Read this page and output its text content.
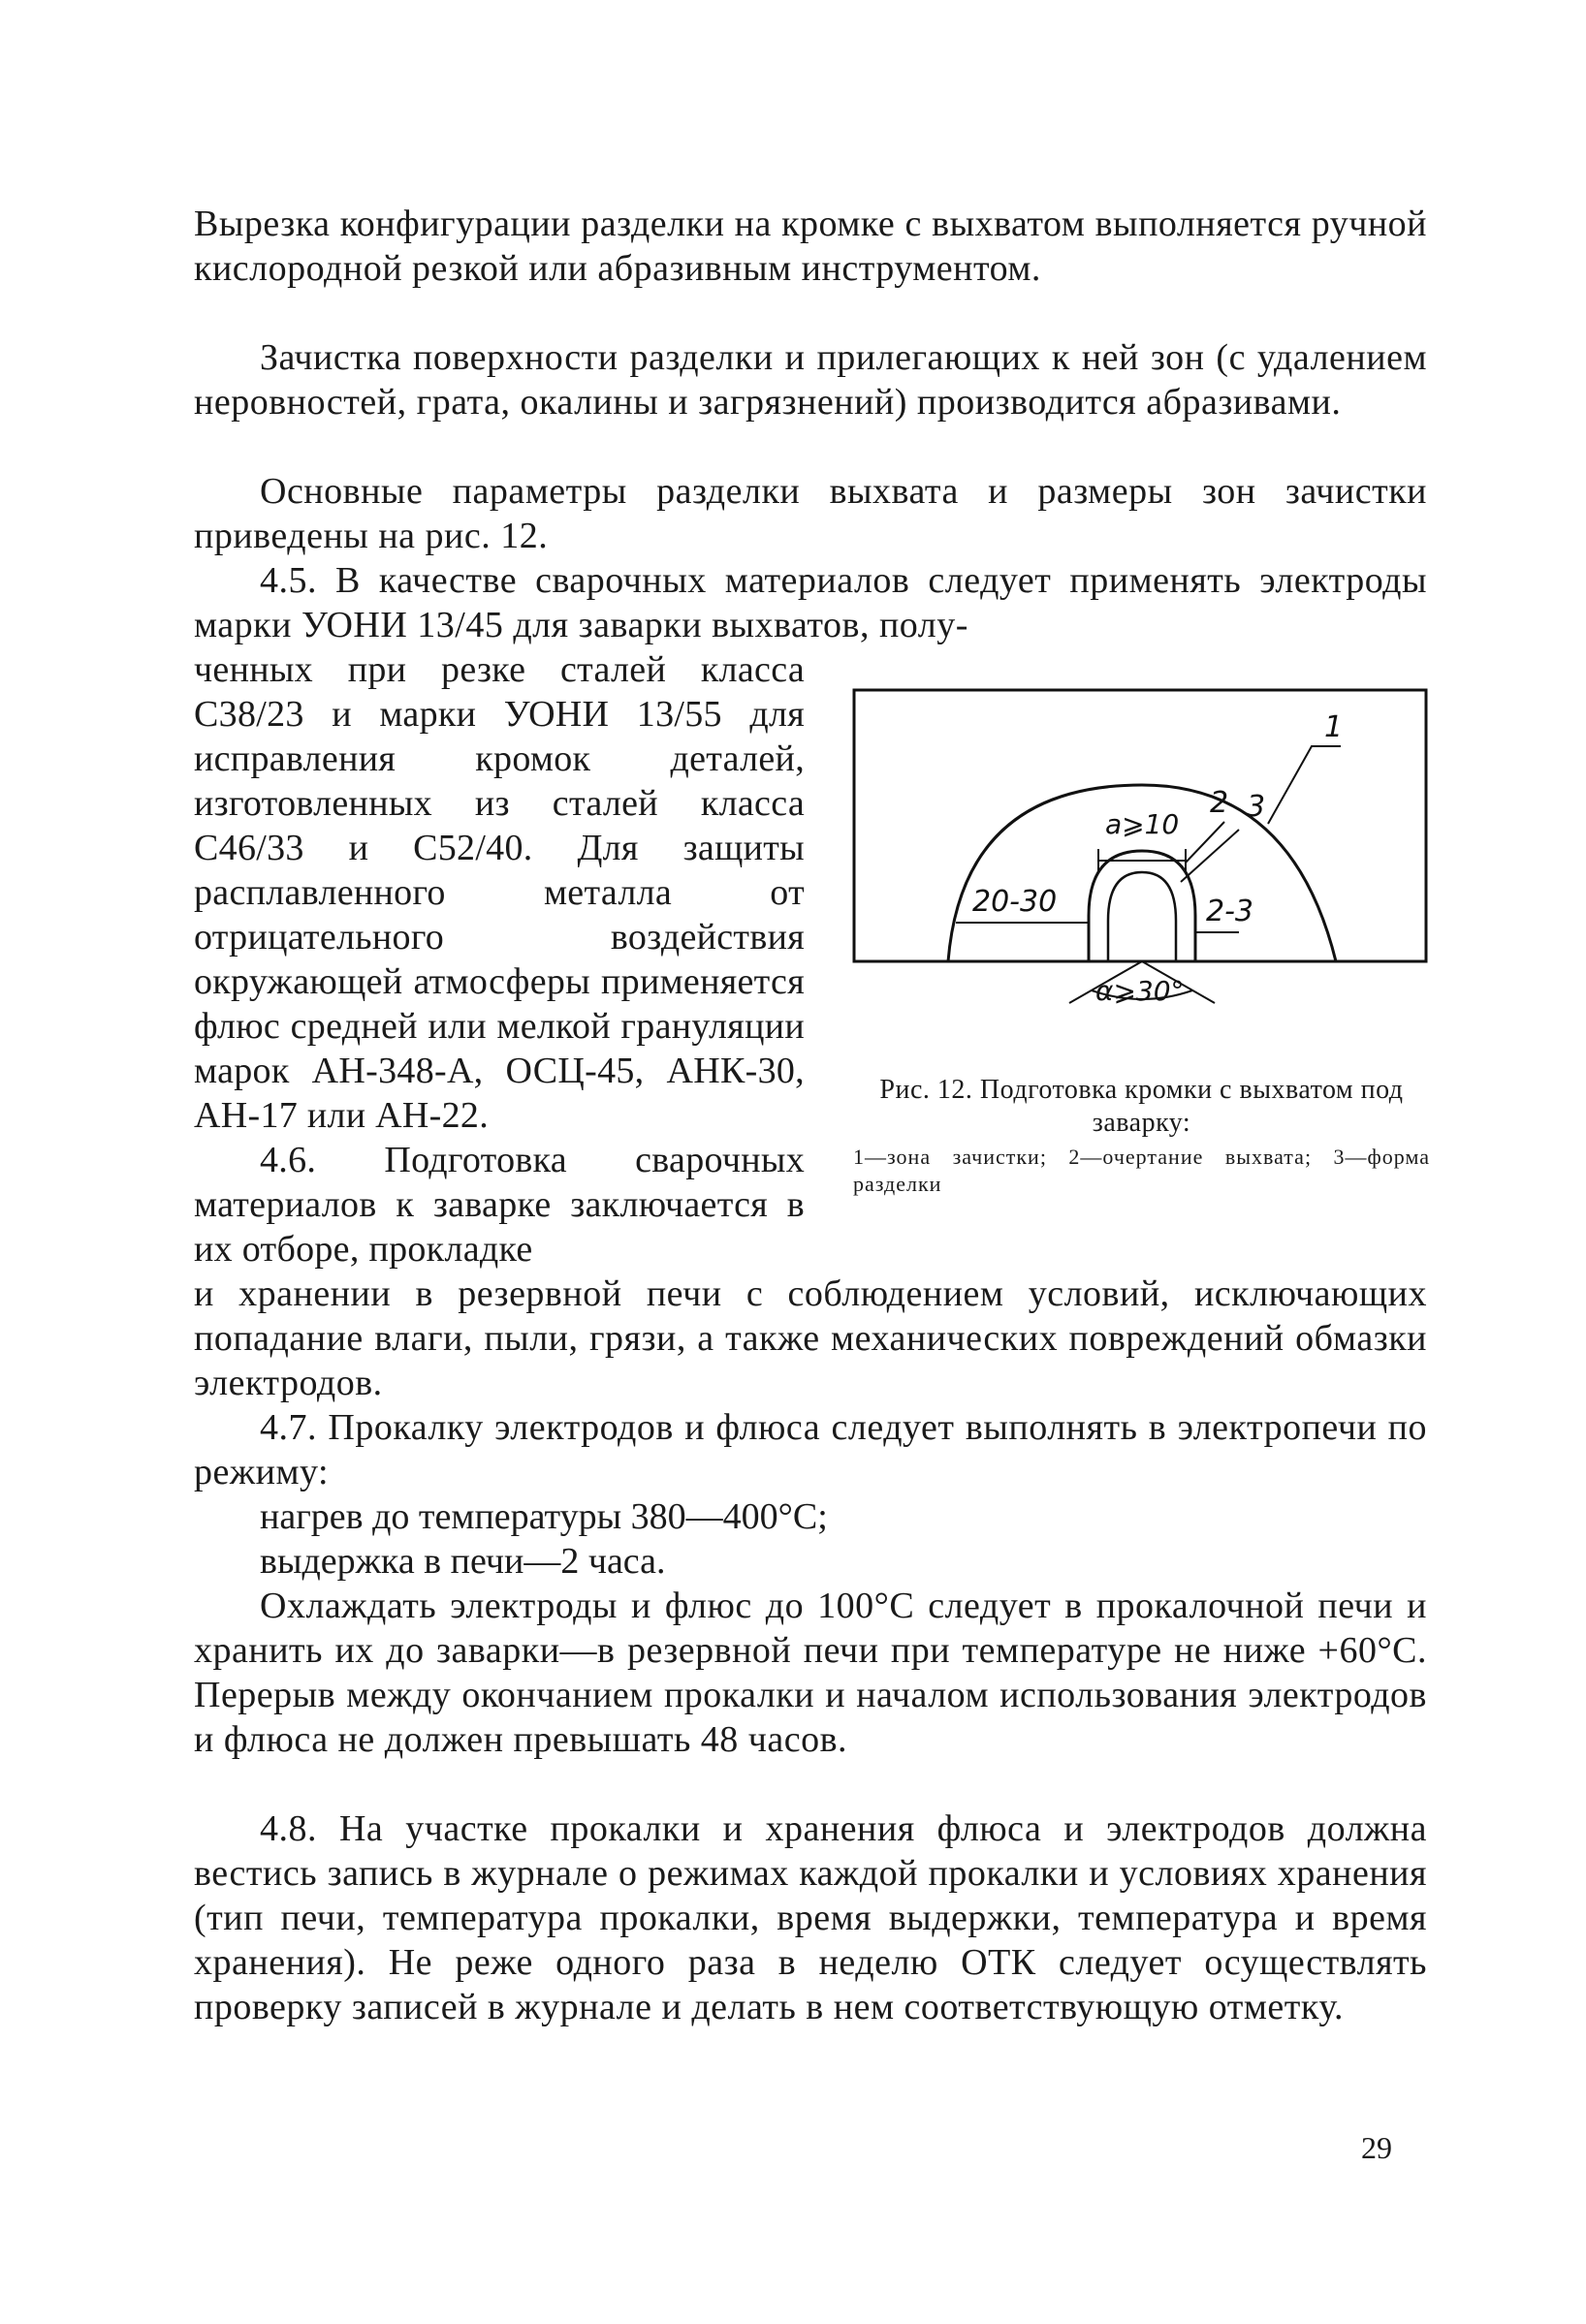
Вырезка конфигурации разделки на кромке с выхватом выполняется ручной кислородной резкой или абразивным инструментом.

Зачистка поверхности разделки и прилегающих к ней зон (с удалением неровностей, грата, окалины и загрязнений) производится абразивами.

Основные параметры разделки выхвата и размеры зон зачистки приведены на рис. 12.

4.5. В качестве сварочных материалов следует применять электроды марки УОНИ 13/45 для заварки выхватов, полу-

ченных при резке сталей класса С38/23 и марки УОНИ 13/55 для исправления кромок деталей, изготовленных из сталей класса С46/33 и С52/40. Для защиты расплавленного металла от отрицательного воздействия окружающей атмосферы применяется флюс средней или мелкой грануляции марок АН-348-А, ОСЦ-45, АНК-30, АН-17 или АН-22.

4.6. Подготовка сварочных материалов к заварке заключается в их отборе, прокладке

и хранении в резервной печи с соблюдением условий, исключающих попадание влаги, пыли, грязи, а также механических повреждений обмазки электродов.

4.7. Прокалку электродов и флюса следует выполнять в электропечи по режиму:

нагрев до температуры 380—400°С;

выдержка в печи—2 часа.

Охлаждать электроды и флюс до 100°С следует в прокалочной печи и хранить их до заварки—в резервной печи при температуре не ниже +60°С. Перерыв между окончанием прокалки и началом использования электродов и флюса не должен превышать 48 часов.

4.8. На участке прокалки и хранения флюса и электродов должна вестись запись в журнале о режимах каждой прокалки и условиях хранения (тип печи, температура прокалки, время выдержки, температура и время хранения). Не реже одного раза в неделю ОТК следует осуществлять проверку записей в журнале и делать в нем соответствующую отметку.

1
a⩾10
2 3
20-30	2-3
α⩾30°

Рис. 12. Подготовка кромки с выхватом под заварку:

1—зона зачистки; 2—очертание выхвата; 3—форма разделки

29
